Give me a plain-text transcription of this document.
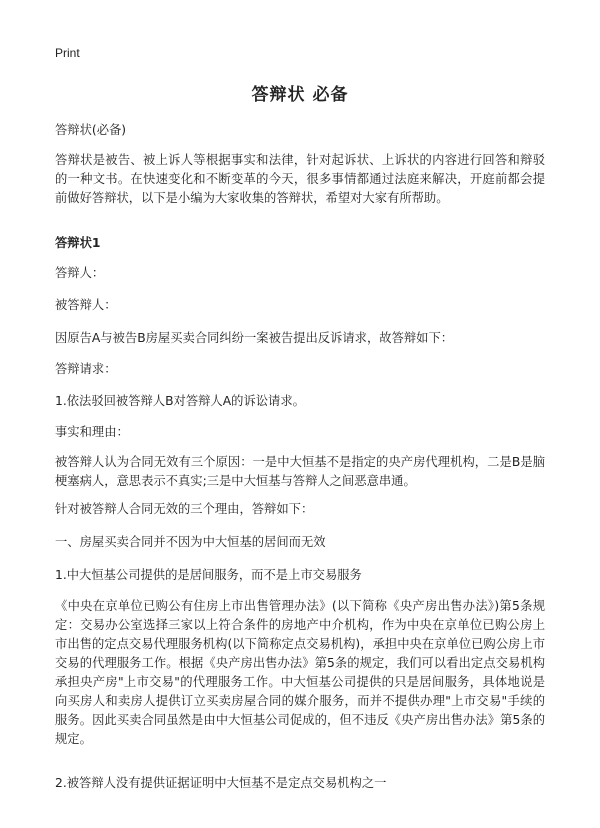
Print
答辩状 必备

答辩状(必备)

答辩状是被告、被上诉人等根据事实和法律，针对起诉状、上诉状的内容进行回答和辩驳的一种文书。在快速变化和不断变革的今天，很多事情都通过法庭来解决，开庭前都会提前做好答辩状，以下是小编为大家收集的答辩状，希望对大家有所帮助。

答辩状1

答辩人：

被答辩人：

因原告A与被告B房屋买卖合同纠纷一案被告提出反诉请求，故答辩如下：

答辩请求：

1.依法驳回被答辩人B对答辩人A的诉讼请求。

事实和理由：

被答辩人认为合同无效有三个原因：一是中大恒基不是指定的央产房代理机构，二是B是脑梗塞病人，意思表示不真实;三是中大恒基与答辩人之间恶意串通。

针对被答辩人合同无效的三个理由，答辩如下：

一、房屋买卖合同并不因为中大恒基的居间而无效

1.中大恒基公司提供的是居间服务，而不是上市交易服务

《中央在京单位已购公有住房上市出售管理办法》(以下简称《央产房出售办法》)第5条规定：交易办公室选择三家以上符合条件的房地产中介机构，作为中央在京单位已购公房上市出售的定点交易代理服务机构(以下简称定点交易机构)，承担中央在京单位已购公房上市交易的代理服务工作。根据《央产房出售办法》第5条的规定，我们可以看出定点交易机构承担央产房"上市交易"的代理服务工作。中大恒基公司提供的只是居间服务，具体地说是向买房人和卖房人提供订立买卖房屋合同的媒介服务，而并不提供办理"上市交易"手续的服务。因此买卖合同虽然是由中大恒基公司促成的，但不违反《央产房出售办法》第5条的规定。

2.被答辩人没有提供证据证明中大恒基不是定点交易机构之一
